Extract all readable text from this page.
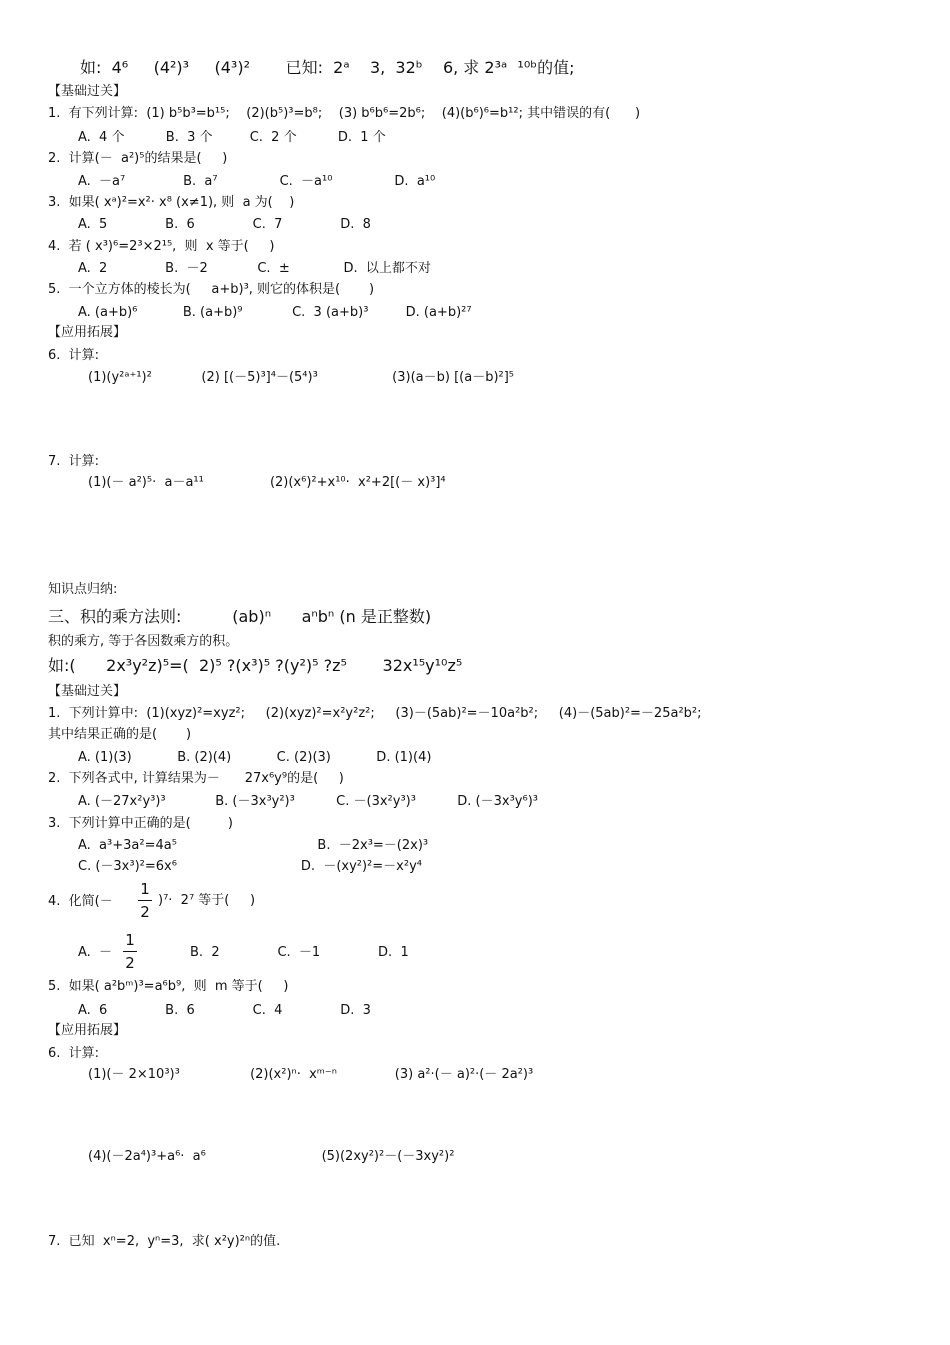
如:  4⁶     (4²)³     (4³)²       已知:  2ᵃ    3,  32ᵇ    6, 求 2³ᵃ  ¹⁰ᵇ的值;
【基础过关】
1.  有下列计算:  (1) b⁵b³=b¹⁵;    (2)(b⁵)³=b⁸;    (3) b⁶b⁶=2b⁶;    (4)(b⁶)⁶=b¹²; 其中错误的有(      )
A.  4 个          B.  3 个         C.  2 个          D.  1 个
2.  计算(－  a²)⁵的结果是(     )
A.  －a⁷              B.  a⁷               C.  －a¹⁰               D.  a¹⁰
3.  如果( xᵃ)²=x²· x⁸ (x≠1), 则  a 为(    )
A.  5              B.  6              C.  7              D.  8
4.  若 ( x³)⁶=2³×2¹⁵,  则  x 等于(     )
A.  2              B.  －2            C.  ±             D.  以上都不对
5.  一个立方体的棱长为(     a+b)³, 则它的体积是(       )
A. (a+b)⁶           B. (a+b)⁹            C.  3 (a+b)³         D. (a+b)²⁷
【应用拓展】
6.  计算:
(1)(y²ᵃ⁺¹)²            (2) [(－5)³]⁴－(5⁴)³                  (3)(a－b) [(a－b)²]⁵
7.  计算:
(1)(－ a²)⁵·  a－a¹¹                (2)(x⁶)²+x¹⁰·  x²+2[(－ x)³]⁴
知识点归纳:
三、积的乘方法则:          (ab)ⁿ      aⁿbⁿ (n 是正整数)
积的乘方, 等于各因数乘方的积。
如:(      2x³y²z)⁵=(  2)⁵ ?(x³)⁵ ?(y²)⁵ ?z⁵       32x¹⁵y¹⁰z⁵
【基础过关】
1.  下列计算中:  (1)(xyz)²=xyz²;     (2)(xyz)²=x²y²z²;     (3)－(5ab)²=－10a²b²;     (4)－(5ab)²=－25a²b²;
其中结果正确的是(       )
A. (1)(3)           B. (2)(4)           C. (2)(3)           D. (1)(4)
2.  下列各式中, 计算结果为－      27x⁶y⁹的是(     )
A. (－27x²y³)³            B. (－3x³y²)³          C. －(3x²y³)³          D. (－3x³y⁶)³
3.  下列计算中正确的是(         )
A.  a³+3a²=4a⁵                                  B.  －2x³=－(2x)³
C. (－3x³)²=6x⁶                              D.  －(xy²)²=－x²y⁴
4.  化简(－
1
2
)⁷·  2⁷ 等于(     )
A.  －
1
2
B.  2              C.  －1              D.  1
5.  如果( a²bᵐ)³=a⁶b⁹,  则  m 等于(     )
A.  6              B.  6              C.  4              D.  3
【应用拓展】
6.  计算:
(1)(－ 2×10³)³                 (2)(x²)ⁿ·  xᵐ⁻ⁿ              (3) a²·(－ a)²·(－ 2a²)³
(4)(－2a⁴)³+a⁶·  a⁶                            (5)(2xy²)²－(－3xy²)²
7.  已知  xⁿ=2,  yⁿ=3,  求( x²y)²ⁿ的值.
